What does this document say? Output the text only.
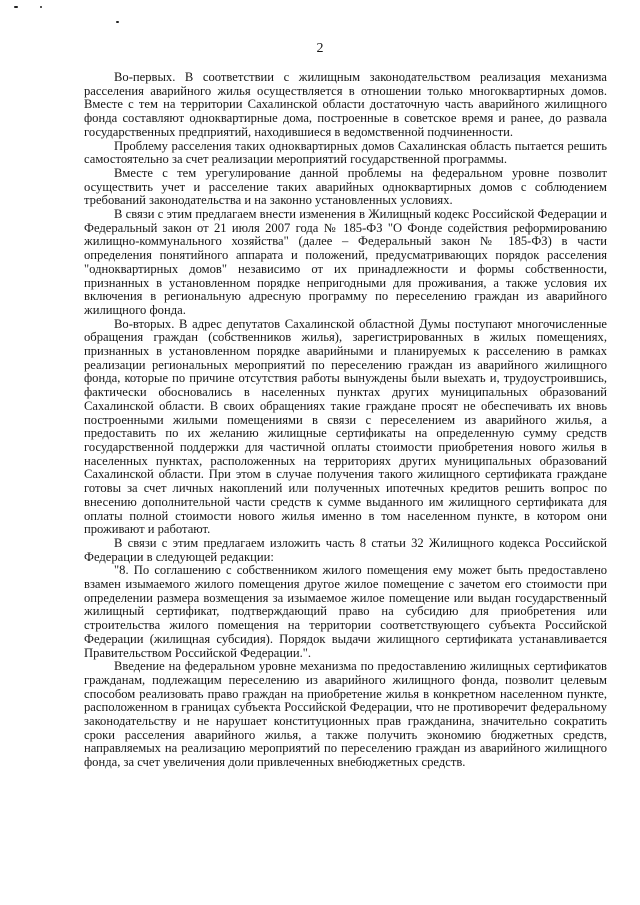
2

Во-первых. В соответствии с жилищным законодательством реализация механизма расселения аварийного жилья осуществляется в отношении только многоквартирных домов. Вместе с тем на территории Сахалинской области достаточную часть аварийного жилищного фонда составляют одноквартирные дома, построенные в советское время и ранее, до развала государственных предприятий, находившиеся в ведомственной подчиненности.

Проблему расселения таких одноквартирных домов Сахалинская область пытается решить самостоятельно за счет реализации мероприятий государственной программы.

Вместе с тем урегулирование данной проблемы на федеральном уровне позволит осуществить учет и расселение таких аварийных одноквартирных домов с соблюдением требований законодательства и на законно установленных условиях.

В связи с этим предлагаем внести изменения в Жилищный кодекс Российской Федерации и Федеральный закон от 21 июля 2007 года № 185-ФЗ "О Фонде содействия реформированию жилищно-коммунального хозяйства" (далее – Федеральный закон № 185-ФЗ) в части определения понятийного аппарата и положений, предусматривающих порядок расселения "одноквартирных домов" независимо от их принадлежности и формы собственности, признанных в установленном порядке непригодными для проживания, а также условия их включения в региональную адресную программу по переселению граждан из аварийного жилищного фонда.

Во-вторых. В адрес депутатов Сахалинской областной Думы поступают многочисленные обращения граждан (собственников жилья), зарегистрированных в жилых помещениях, признанных в установленном порядке аварийными и планируемых к расселению в рамках реализации региональных мероприятий по переселению граждан из аварийного жилищного фонда, которые по причине отсутствия работы вынуждены были выехать и, трудоустроившись, фактически обосновались в населенных пунктах других муниципальных образований Сахалинской области. В своих обращениях такие граждане просят не обеспечивать их вновь построенными жилыми помещениями в связи с переселением из аварийного жилья, а предоставить по их желанию жилищные сертификаты на определенную сумму средств государственной поддержки для частичной оплаты стоимости приобретения нового жилья в населенных пунктах, расположенных на территориях других муниципальных образований Сахалинской области. При этом в случае получения такого жилищного сертификата граждане готовы за счет личных накоплений или полученных ипотечных кредитов решить вопрос по внесению дополнительной части средств к сумме выданного им жилищного сертификата для оплаты полной стоимости нового жилья именно в том населенном пункте, в котором они проживают и работают.

В связи с этим предлагаем изложить часть 8 статьи 32 Жилищного кодекса Российской Федерации в следующей редакции:

"8. По соглашению с собственником жилого помещения ему может быть предоставлено взамен изымаемого жилого помещения другое жилое помещение с зачетом его стоимости при определении размера возмещения за изымаемое жилое помещение или выдан государственный жилищный сертификат, подтверждающий право на субсидию для приобретения или строительства жилого помещения на территории соответствующего субъекта Российской Федерации (жилищная субсидия). Порядок выдачи жилищного сертификата устанавливается Правительством Российской Федерации.".

Введение на федеральном уровне механизма по предоставлению жилищных сертификатов гражданам, подлежащим переселению из аварийного жилищного фонда, позволит целевым способом реализовать право граждан на приобретение жилья в конкретном населенном пункте, расположенном в границах субъекта Российской Федерации, что не противоречит федеральному законодательству и не нарушает конституционных прав гражданина, значительно сократить сроки расселения аварийного жилья, а также получить экономию бюджетных средств, направляемых на реализацию мероприятий по переселению граждан из аварийного жилищного фонда, за счет увеличения доли привлеченных внебюджетных средств.
